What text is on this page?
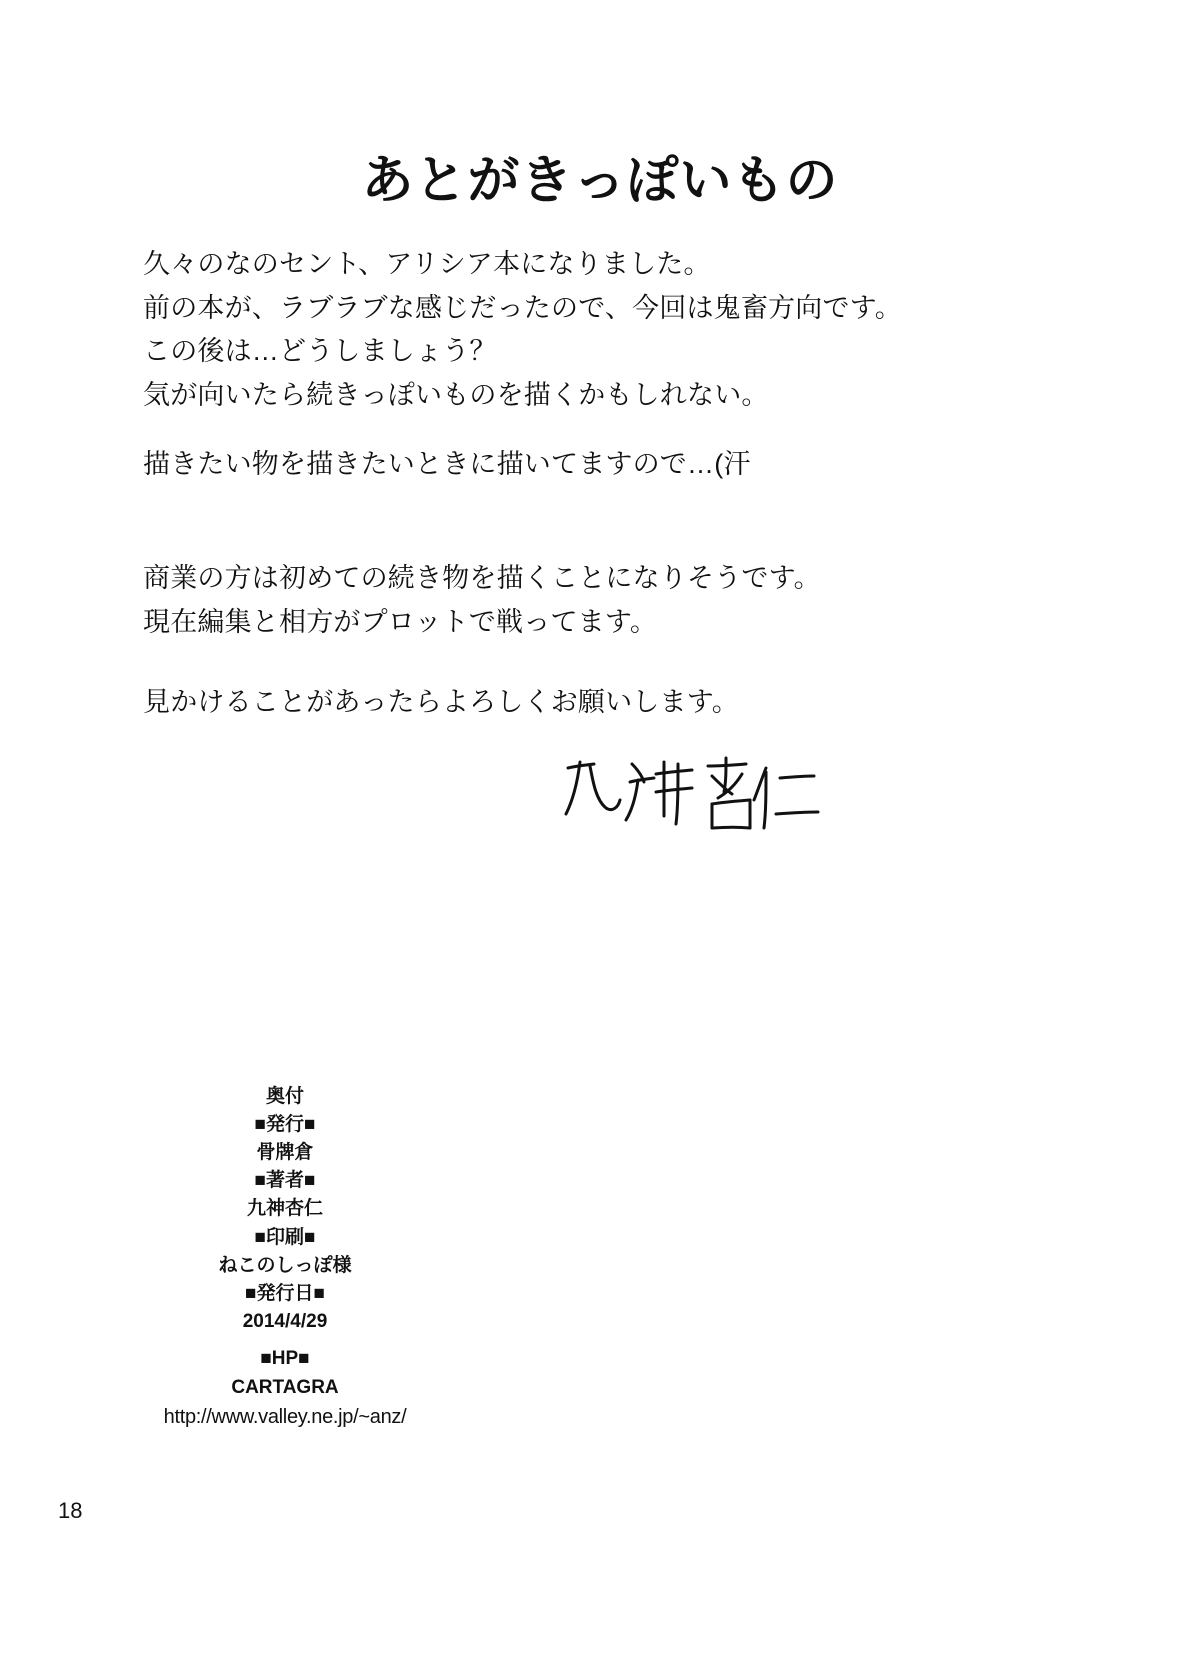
あとがきっぽいもの
久々のなのセント、アリシア本になりました。
前の本が、ラブラブな感じだったので、今回は鬼畜方向です。
この後は…どうしましょう？
気が向いたら続きっぽいものを描くかもしれない。
描きたい物を描きたいときに描いてますので…(汗
商業の方は初めての続き物を描くことになりそうです。
現在編集と相方がプロットで戦ってます。
見かけることがあったらよろしくお願いします。
奥付
■発行■
骨牌倉
■著者■
九神杏仁
■印刷■
ねこのしっぽ様
■発行日■
2014/4/29
■HP■
CARTAGRA
http://www.valley.ne.jp/~anz/
18
